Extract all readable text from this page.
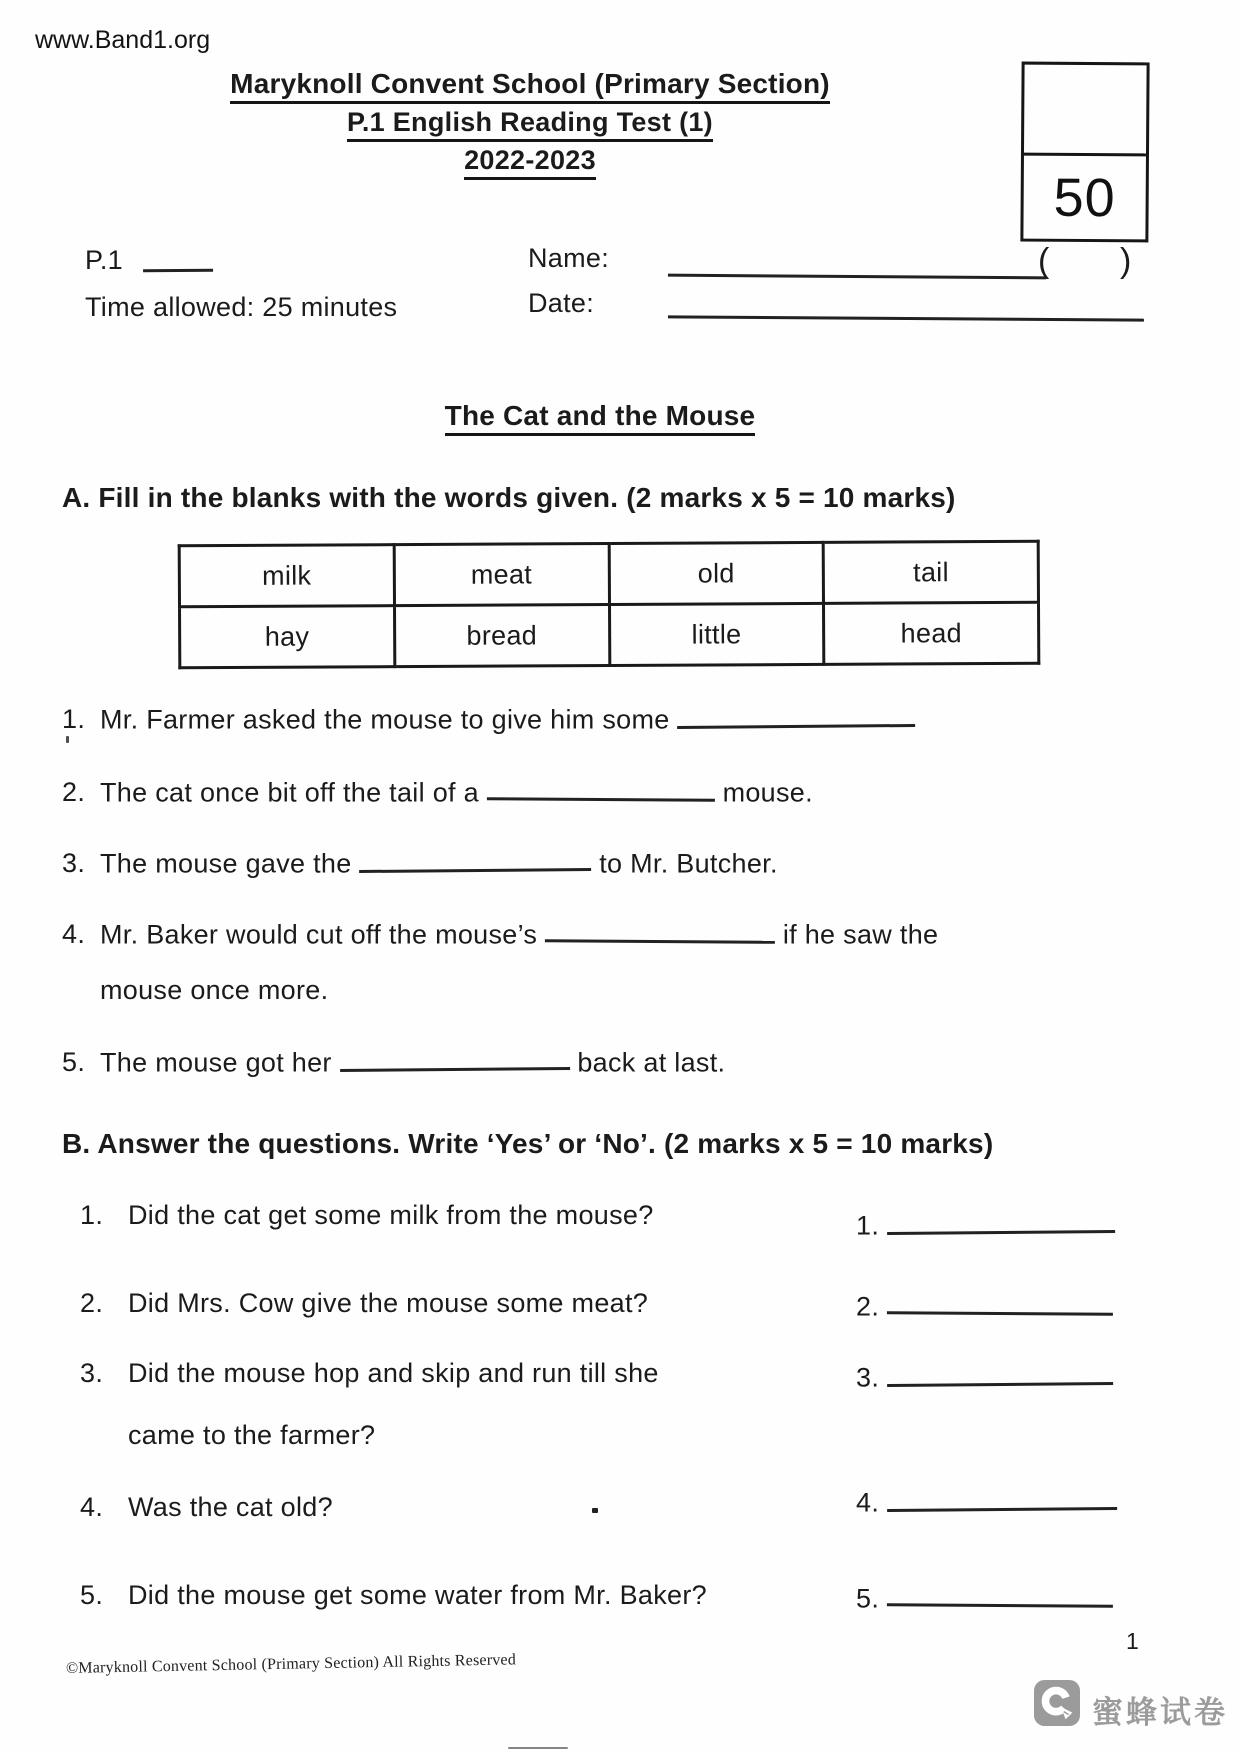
www.Band1.org
Maryknoll Convent School (Primary Section)
P.1 English Reading Test (1)
2022-2023
50
P.1	Name:	( )
Time allowed: 25 minutes	Date:
The Cat and the Mouse
A. Fill in the blanks with the words given. (2 marks x 5 = 10 marks)
milk	meat	old	tail
hay	bread	little	head
1. Mr. Farmer asked the mouse to give him some
2. The cat once bit off the tail of a	mouse.
3. The mouse gave the	to Mr. Butcher.
4. Mr. Baker would cut off the mouse’s	if he saw the
mouse once more.
5. The mouse got her	back at last.
B. Answer the questions. Write ‘Yes’ or ‘No’. (2 marks x 5 = 10 marks)
1. Did the cat get some milk from the mouse?	1.
2. Did Mrs. Cow give the mouse some meat?	2.
3. Did the mouse hop and skip and run till she
came to the farmer?
3.
4. Was the cat old?	4.
5. Did the mouse get some water from Mr. Baker?	5.
1
©Maryknoll Convent School (Primary Section) All Rights Reserved
蜜蜂试卷
